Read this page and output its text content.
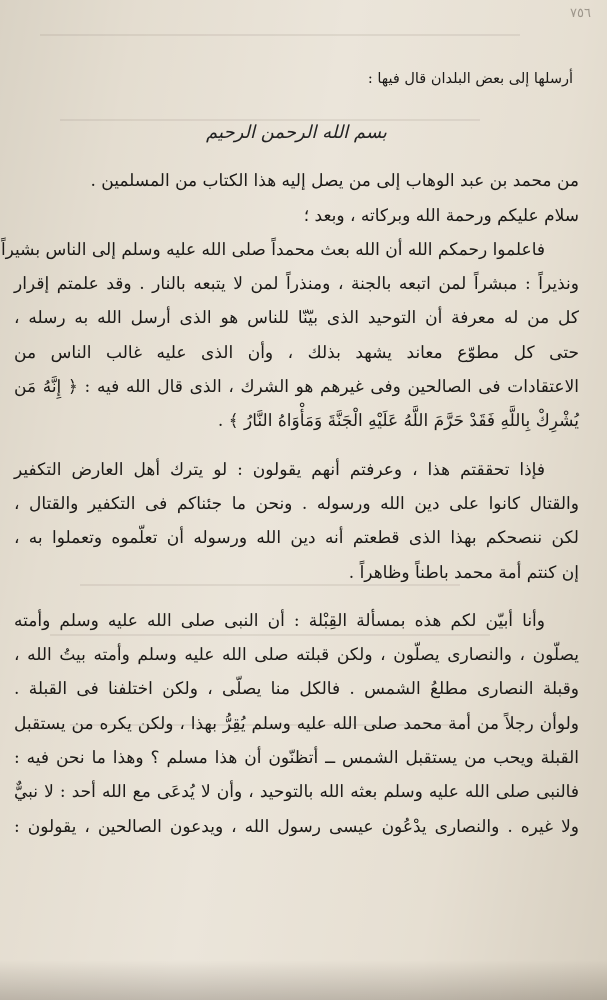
٧٥٦
أرسلها إلى بعض البلدان قال فيها :
بسم الله الرحمن الرحيم
من محمد بن عبد الوهاب إلى من يصل إليه هذا الكتاب من المسلمين .
سلام عليكم ورحمة الله وبركاته ، وبعد ؛
فاعلموا رحمكم الله أن الله بعث محمداً صلى الله عليه وسلم إلى الناس بشيراً
ونذيراً : مبشراً لمن اتبعه بالجنة ، ومنذراً لمن لا يتبعه بالنار . وقد علمتم إقرار
كل من له معرفة أن التوحيد الذى بيّنّا للناس هو الذى أرسل الله به رسله ،
حتى كل مطوّع معاند يشهد بذلك ، وأن الذى عليه غالب الناس من
الاعتقادات فى الصالحين وفى غيرهم هو الشرك ، الذى قال الله فيه : ﴿ إِنَّهُ مَن
يُشْرِكْ بِاللَّهِ فَقَدْ حَرَّمَ اللَّهُ عَلَيْهِ الْجَنَّةَ وَمَأْوَاهُ النَّارُ ﴾ .
فإذا تحققتم هذا ، وعرفتم أنهم يقولون : لو يترك أهل العارض التكفير
والقتال كانوا على دين الله ورسوله . ونحن ما جئناكم فى التكفير والقتال ،
لكن ننصحكم بهذا الذى قطعتم أنه دين الله ورسوله أن تعلّموه وتعملوا به ،
إن كنتم أمة محمد باطناً وظاهراً .
وأنا أبيّن لكم هذه بمسألة القِبْلة : أن النبى صلى الله عليه وسلم وأمته
يصلّون ، والنصارى يصلّون ، ولكن قبلته صلى الله عليه وسلم وأمته بيتُ الله ،
وقبلة النصارى مطلعُ الشمس . فالكل منا يصلّى ، ولكن اختلفنا فى القبلة .
ولوأن رجلاً من أمة محمد صلى الله عليه وسلم يُقِرُّ بهذا ، ولكن يكره من يستقبل
القبلة ويحب من يستقبل الشمس ــ أتظنّون أن هذا مسلم ؟ وهذا ما نحن فيه :
فالنبى صلى الله عليه وسلم بعثه الله بالتوحيد ، وأن لا يُدعَى مع الله أحد : لا نبيٌّ
ولا غيره . والنصارى يدْعُون عيسى رسول الله ، ويدعون الصالحين ، يقولون :
